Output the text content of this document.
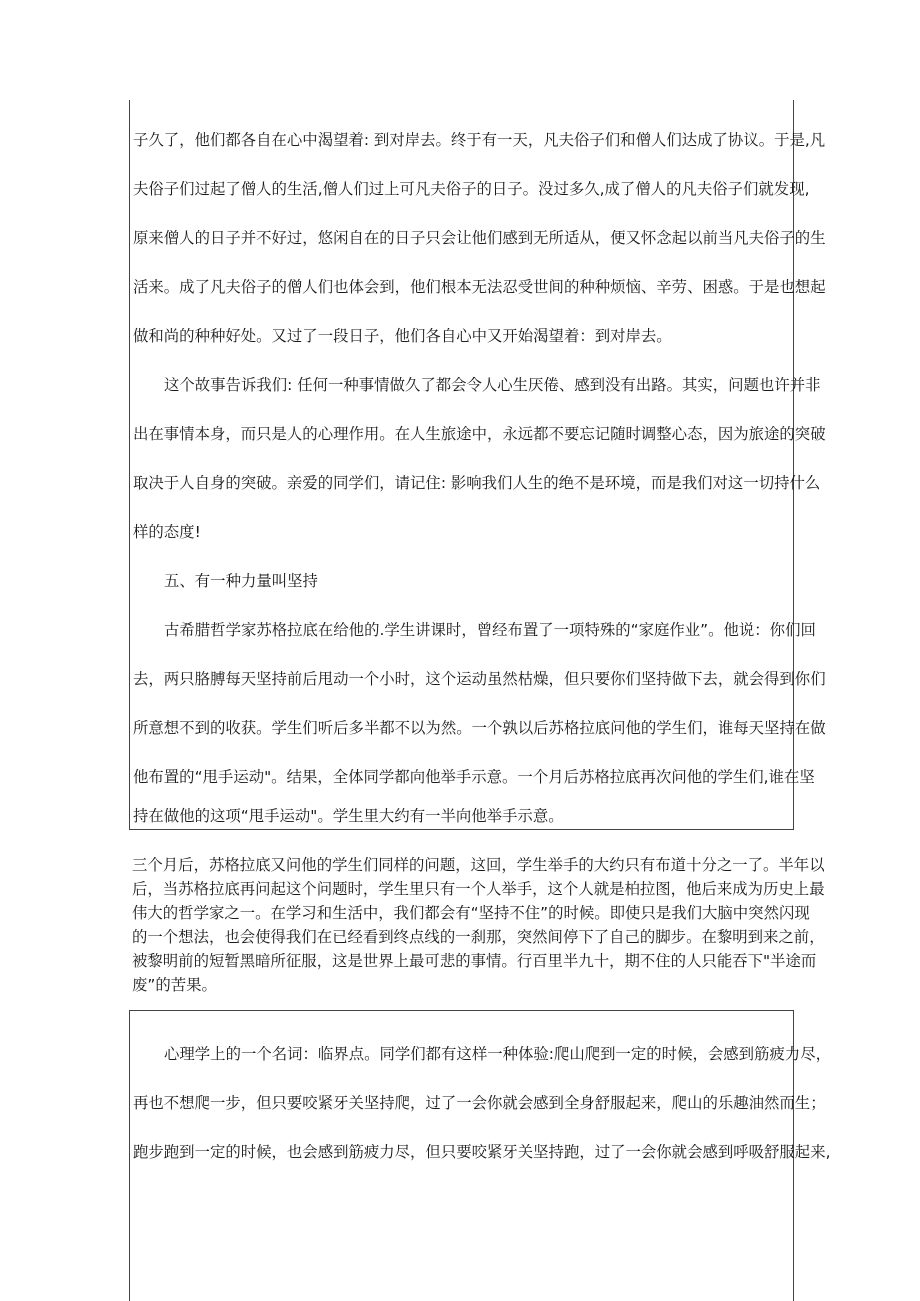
子久了，他们都各自在心中渴望着: 到对岸去。终于有一天，凡夫俗子们和僧人们达成了协议。于是,凡
夫俗子们过起了僧人的生活,僧人们过上可凡夫俗子的日子。没过多久,成了僧人的凡夫俗子们就发现,
原来僧人的日子并不好过，悠闲自在的日子只会让他们感到无所适从，便又怀念起以前当凡夫俗子的生
活来。成了凡夫俗子的僧人们也体会到，他们根本无法忍受世间的种种烦恼、辛劳、困惑。于是也想起
做和尚的种种好处。又过了一段日子，他们各自心中又开始渴望着：到对岸去。
这个故事告诉我们: 任何一种事情做久了都会令人心生厌倦、感到没有出路。其实，问题也许并非
出在事情本身，而只是人的心理作用。在人生旅途中，永远都不要忘记随时调整心态，因为旅途的突破
取决于人自身的突破。亲爱的同学们，请记住: 影响我们人生的绝不是环境，而是我们对这一切持什么
样的态度!
五、有一种力量叫坚持
古希腊哲学家苏格拉底在给他的.学生讲课时，曾经布置了一项特殊的“家庭作业”。他说：你们回
去，两只胳膊每天坚持前后甩动一个小时，这个运动虽然枯燥，但只要你们坚持做下去，就会得到你们
所意想不到的收获。学生们听后多半都不以为然。一个孰以后苏格拉底问他的学生们，谁每天坚持在做
他布置的“甩手运动"。结果，全体同学都向他举手示意。一个月后苏格拉底再次问他的学生们,谁在坚
持在做他的这项“甩手运动"。学生里大约有一半向他举手示意。
三个月后，苏格拉底又问他的学生们同样的问题，这回，学生举手的大约只有布道十分之一了。半年以
后，当苏格拉底再问起这个问题时，学生里只有一个人举手，这个人就是柏拉图，他后来成为历史上最
伟大的哲学家之一。在学习和生活中，我们都会有“坚持不住”的时候。即使只是我们大脑中突然闪现
的一个想法，也会使得我们在已经看到终点线的一刹那，突然间停下了自己的脚步。在黎明到来之前，
被黎明前的短暂黑暗所征服，这是世界上最可悲的事情。行百里半九十，期不住的人只能吞下"半途而
废”的苦果。
心理学上的一个名词：临界点。同学们都有这样一种体验:爬山爬到一定的时候，会感到筋疲力尽，
再也不想爬一步，但只要咬紧牙关坚持爬，过了一会你就会感到全身舒服起来，爬山的乐趣油然而生；
跑步跑到一定的时候，也会感到筋疲力尽，但只要咬紧牙关坚持跑，过了一会你就会感到呼吸舒服起来,
